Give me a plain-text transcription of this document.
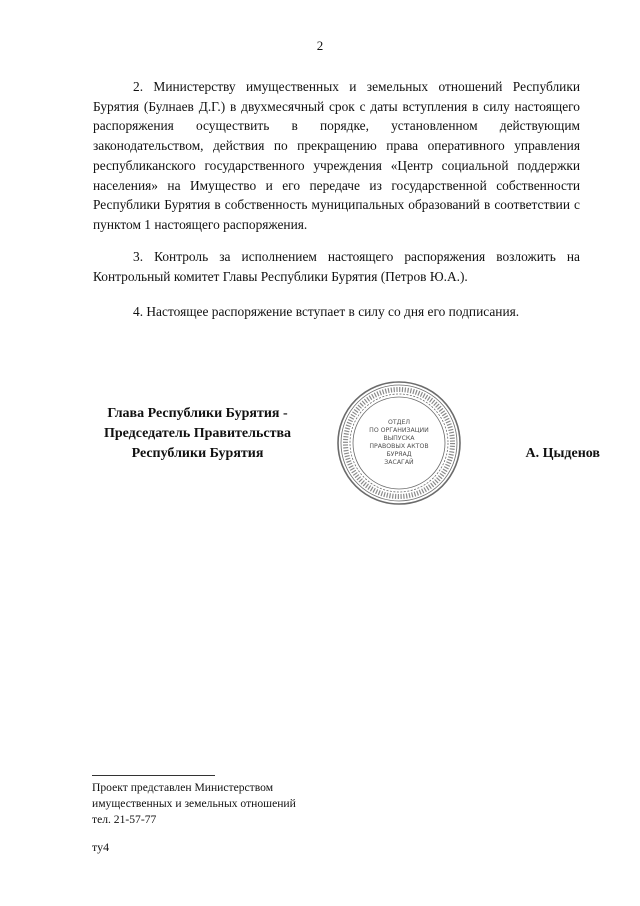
2

2. Министерству имущественных и земельных отношений Республики Бурятия (Булнаев Д.Г.) в двухмесячный срок с даты вступления в силу настоящего распоряжения осуществить в порядке, установленном действующим законодательством, действия по прекращению права оперативного управления республиканского государственного учреждения «Центр социальной поддержки населения» на Имущество и его передаче из государственной собственности Республики Бурятия в собственность муниципальных образований в соответствии с пунктом 1 настоящего распоряжения.

3. Контроль за исполнением настоящего распоряжения возложить на Контрольный комитет Главы Республики Бурятия (Петров Ю.А.).

4. Настоящее распоряжение вступает в силу со дня его подписания.

Глава Республики Бурятия -
Председатель Правительства
Республики Бурятия
ОТДЕЛ
ПО ОРГАНИЗАЦИИ
ВЫПУСКА
ПРАВОВЫХ АКТОВ
БУРЯАД
ЗАСАГАЙ
А. Цыденов
Проект представлен Министерством
имущественных и земельных отношений
тел. 21-57-77
ту4
